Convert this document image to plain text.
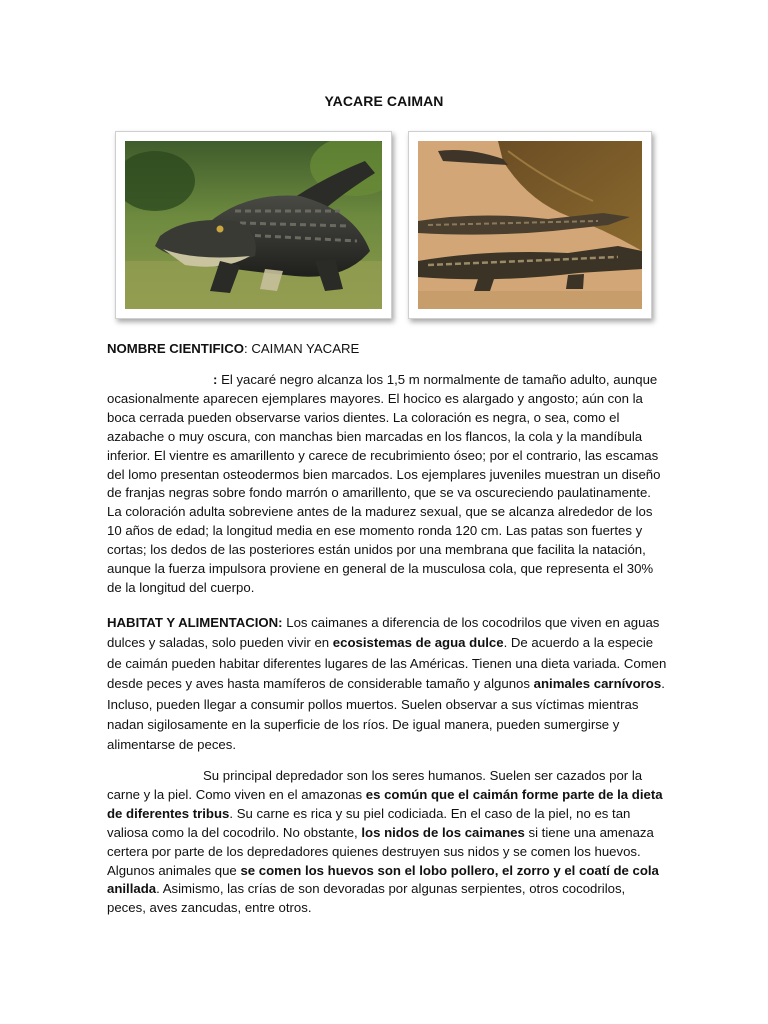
YACARE CAIMAN

NOMBRE CIENTIFICO: CAIMAN YACARE

: El yacaré negro alcanza los 1,5 m normalmente de tamaño adulto, aunque ocasionalmente aparecen ejemplares mayores. El hocico es alargado y angosto; aún con la boca cerrada pueden observarse varios dientes. La coloración es negra, o sea, como el azabache o muy oscura, con manchas bien marcadas en los flancos, la cola y la mandíbula inferior. El vientre es amarillento y carece de recubrimiento óseo; por el contrario, las escamas del lomo presentan osteodermos bien marcados. Los ejemplares juveniles muestran un diseño de franjas negras sobre fondo marrón o amarillento, que se va oscureciendo paulatinamente. La coloración adulta sobreviene antes de la madurez sexual, que se alcanza alrededor de los 10 años de edad; la longitud media en ese momento ronda 120 cm. Las patas son fuertes y cortas; los dedos de las posteriores están unidos por una membrana que facilita la natación, aunque la fuerza impulsora proviene en general de la musculosa cola, que representa el 30% de la longitud del cuerpo.

HABITAT Y ALIMENTACION: Los caimanes a diferencia de los cocodrilos que viven en aguas dulces y saladas, solo pueden vivir en ecosistemas de agua dulce. De acuerdo a la especie de caimán pueden habitar diferentes lugares de las Américas. Tienen una dieta variada. Comen desde peces y aves hasta mamíferos de considerable tamaño y algunos animales carnívoros. Incluso, pueden llegar a consumir pollos muertos. Suelen observar a sus víctimas mientras nadan sigilosamente en la superficie de los ríos. De igual manera, pueden sumergirse y alimentarse de peces.

Su principal depredador son los seres humanos. Suelen ser cazados por la carne y la piel. Como viven en el amazonas es común que el caimán forme parte de la dieta de diferentes tribus. Su carne es rica y su piel codiciada. En el caso de la piel, no es tan valiosa como la del cocodrilo. No obstante, los nidos de los caimanes si tiene una amenaza certera por parte de los depredadores quienes destruyen sus nidos y se comen los huevos. Algunos animales que se comen los huevos son el lobo pollero, el zorro y el coatí de cola anillada. Asimismo, las crías de son devoradas por algunas serpientes, otros cocodrilos, peces, aves zancudas, entre otros.
